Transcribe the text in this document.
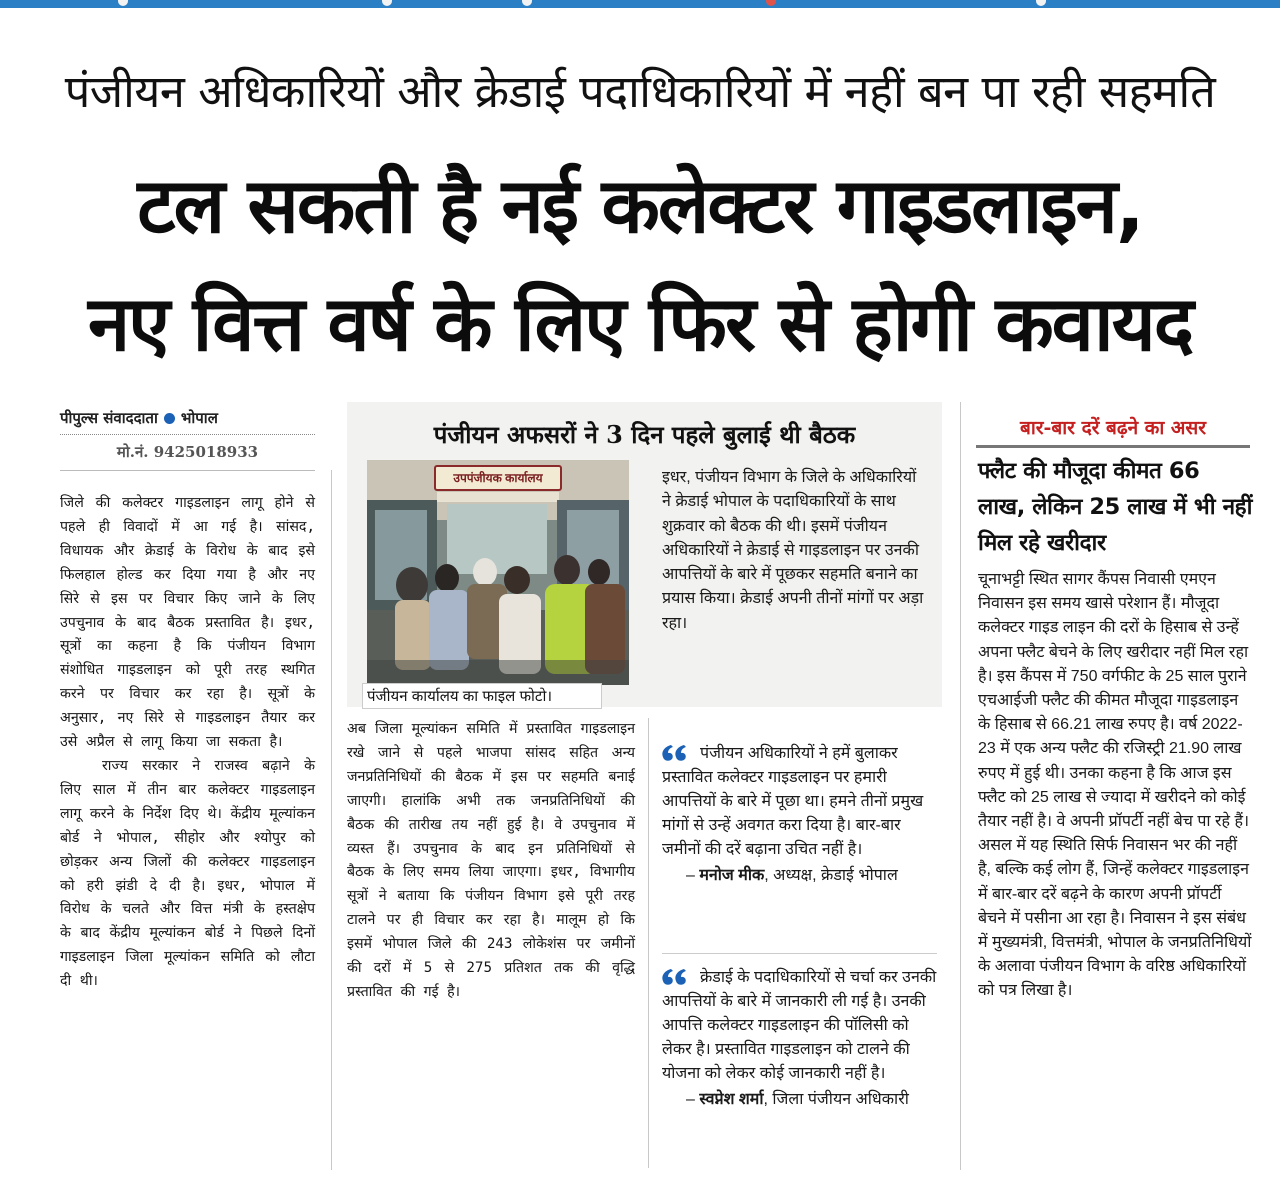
पंजीयन अधिकारियों और क्रेडाई पदाधिकारियों में नहीं बन पा रही सहमति
टल सकती है नई कलेक्टर गाइडलाइन,
नए वित्त वर्ष के लिए फिर से होगी कवायद
पीपुल्स संवाददाता भोपाल
मो.नं. 9425018933

जिले की कलेक्टर गाइडलाइन लागू होने से पहले ही विवादों में आ गई है। सांसद, विधायक और क्रेडाई के विरोध के बाद इसे फिलहाल होल्ड कर दिया गया है और नए सिरे से इस पर विचार किए जाने के लिए उपचुनाव के बाद बैठक प्रस्तावित है। इधर, सूत्रों का कहना है कि पंजीयन विभाग संशोधित गाइडलाइन को पूरी तरह स्थगित करने पर विचार कर रहा है। सूत्रों के अनुसार, नए सिरे से गाइडलाइन तैयार कर उसे अप्रैल से लागू किया जा सकता है।

राज्य सरकार ने राजस्व बढ़ाने के लिए साल में तीन बार कलेक्टर गाइडलाइन लागू करने के निर्देश दिए थे। केंद्रीय मूल्यांकन बोर्ड ने भोपाल, सीहोर और श्योपुर को छोड़कर अन्य जिलों की कलेक्टर गाइडलाइन को हरी झंडी दे दी है। इधर, भोपाल में विरोध के चलते और वित्त मंत्री के हस्तक्षेप के बाद केंद्रीय मूल्यांकन बोर्ड ने पिछले दिनों गाइडलाइन जिला मूल्यांकन समिति को लौटा दी थी।

पंजीयन अफसरों ने 3 दिन पहले बुलाई थी बैठक
उपपंजीयक कार्यालय
पंजीयन कार्यालय का फाइल फोटो।
इधर, पंजीयन विभाग के जिले के अधिकारियों ने क्रेडाई भोपाल के पदाधिकारियों के साथ शुक्रवार को बैठक की थी। इसमें पंजीयन अधिकारियों ने क्रेडाई से गाइडलाइन पर उनकी आपत्तियों के बारे में पूछकर सहमति बनाने का प्रयास किया। क्रेडाई अपनी तीनों मांगों पर अड़ा रहा।
अब जिला मूल्यांकन समिति में प्रस्तावित गाइडलाइन रखे जाने से पहले भाजपा सांसद सहित अन्य जनप्रतिनिधियों की बैठक में इस पर सहमति बनाई जाएगी। हालांकि अभी तक जनप्रतिनिधियों की बैठक की तारीख तय नहीं हुई है। वे उपचुनाव में व्यस्त हैं। उपचुनाव के बाद इन प्रतिनिधियों से बैठक के लिए समय लिया जाएगा। इधर, विभागीय सूत्रों ने बताया कि पंजीयन विभाग इसे पूरी तरह टालने पर ही विचार कर रहा है। मालूम हो कि इसमें भोपाल जिले की 243 लोकेशंस पर जमीनों की दरों में 5 से 275 प्रतिशत तक की वृद्धि प्रस्तावित की गई है।
पंजीयन अधिकारियों ने हमें बुलाकर प्रस्तावित कलेक्टर गाइडलाइन पर हमारी आपत्तियों के बारे में पूछा था। हमने तीनों प्रमुख मांगों से उन्हें अवगत करा दिया है। बार-बार जमीनों की दरें बढ़ाना उचित नहीं है।
– मनोज मीक, अध्यक्ष, क्रेडाई भोपाल
क्रेडाई के पदाधिकारियों से चर्चा कर उनकी आपत्तियों के बारे में जानकारी ली गई है। उनकी आपत्ति कलेक्टर गाइडलाइन की पॉलिसी को लेकर है। प्रस्तावित गाइडलाइन को टालने की योजना को लेकर कोई जानकारी नहीं है।
– स्वप्नेश शर्मा, जिला पंजीयन अधिकारी
बार-बार दरें बढ़ने का असर
फ्लैट की मौजूदा कीमत 66 लाख, लेकिन 25 लाख में भी नहीं मिल रहे खरीदार
चूनाभट्टी स्थित सागर कैंपस निवासी एमएन निवासन इस समय खासे परेशान हैं। मौजूदा कलेक्टर गाइड लाइन की दरों के हिसाब से उन्हें अपना फ्लैट बेचने के लिए खरीदार नहीं मिल रहा है। इस कैंपस में 750 वर्गफीट के 25 साल पुराने एचआईजी फ्लैट की कीमत मौजूदा गाइडलाइन के हिसाब से 66.21 लाख रुपए है। वर्ष 2022-23 में एक अन्य फ्लैट की रजिस्ट्री 21.90 लाख रुपए में हुई थी। उनका कहना है कि आज इस फ्लैट को 25 लाख से ज्यादा में खरीदने को कोई तैयार नहीं है। वे अपनी प्रॉपर्टी नहीं बेच पा रहे हैं। असल में यह स्थिति सिर्फ निवासन भर की नहीं है, बल्कि कई लोग हैं, जिन्हें कलेक्टर गाइडलाइन में बार-बार दरें बढ़ने के कारण अपनी प्रॉपर्टी बेचने में पसीना आ रहा है। निवासन ने इस संबंध में मुख्यमंत्री, वित्तमंत्री, भोपाल के जनप्रतिनिधियों के अलावा पंजीयन विभाग के वरिष्ठ अधिकारियों को पत्र लिखा है।
